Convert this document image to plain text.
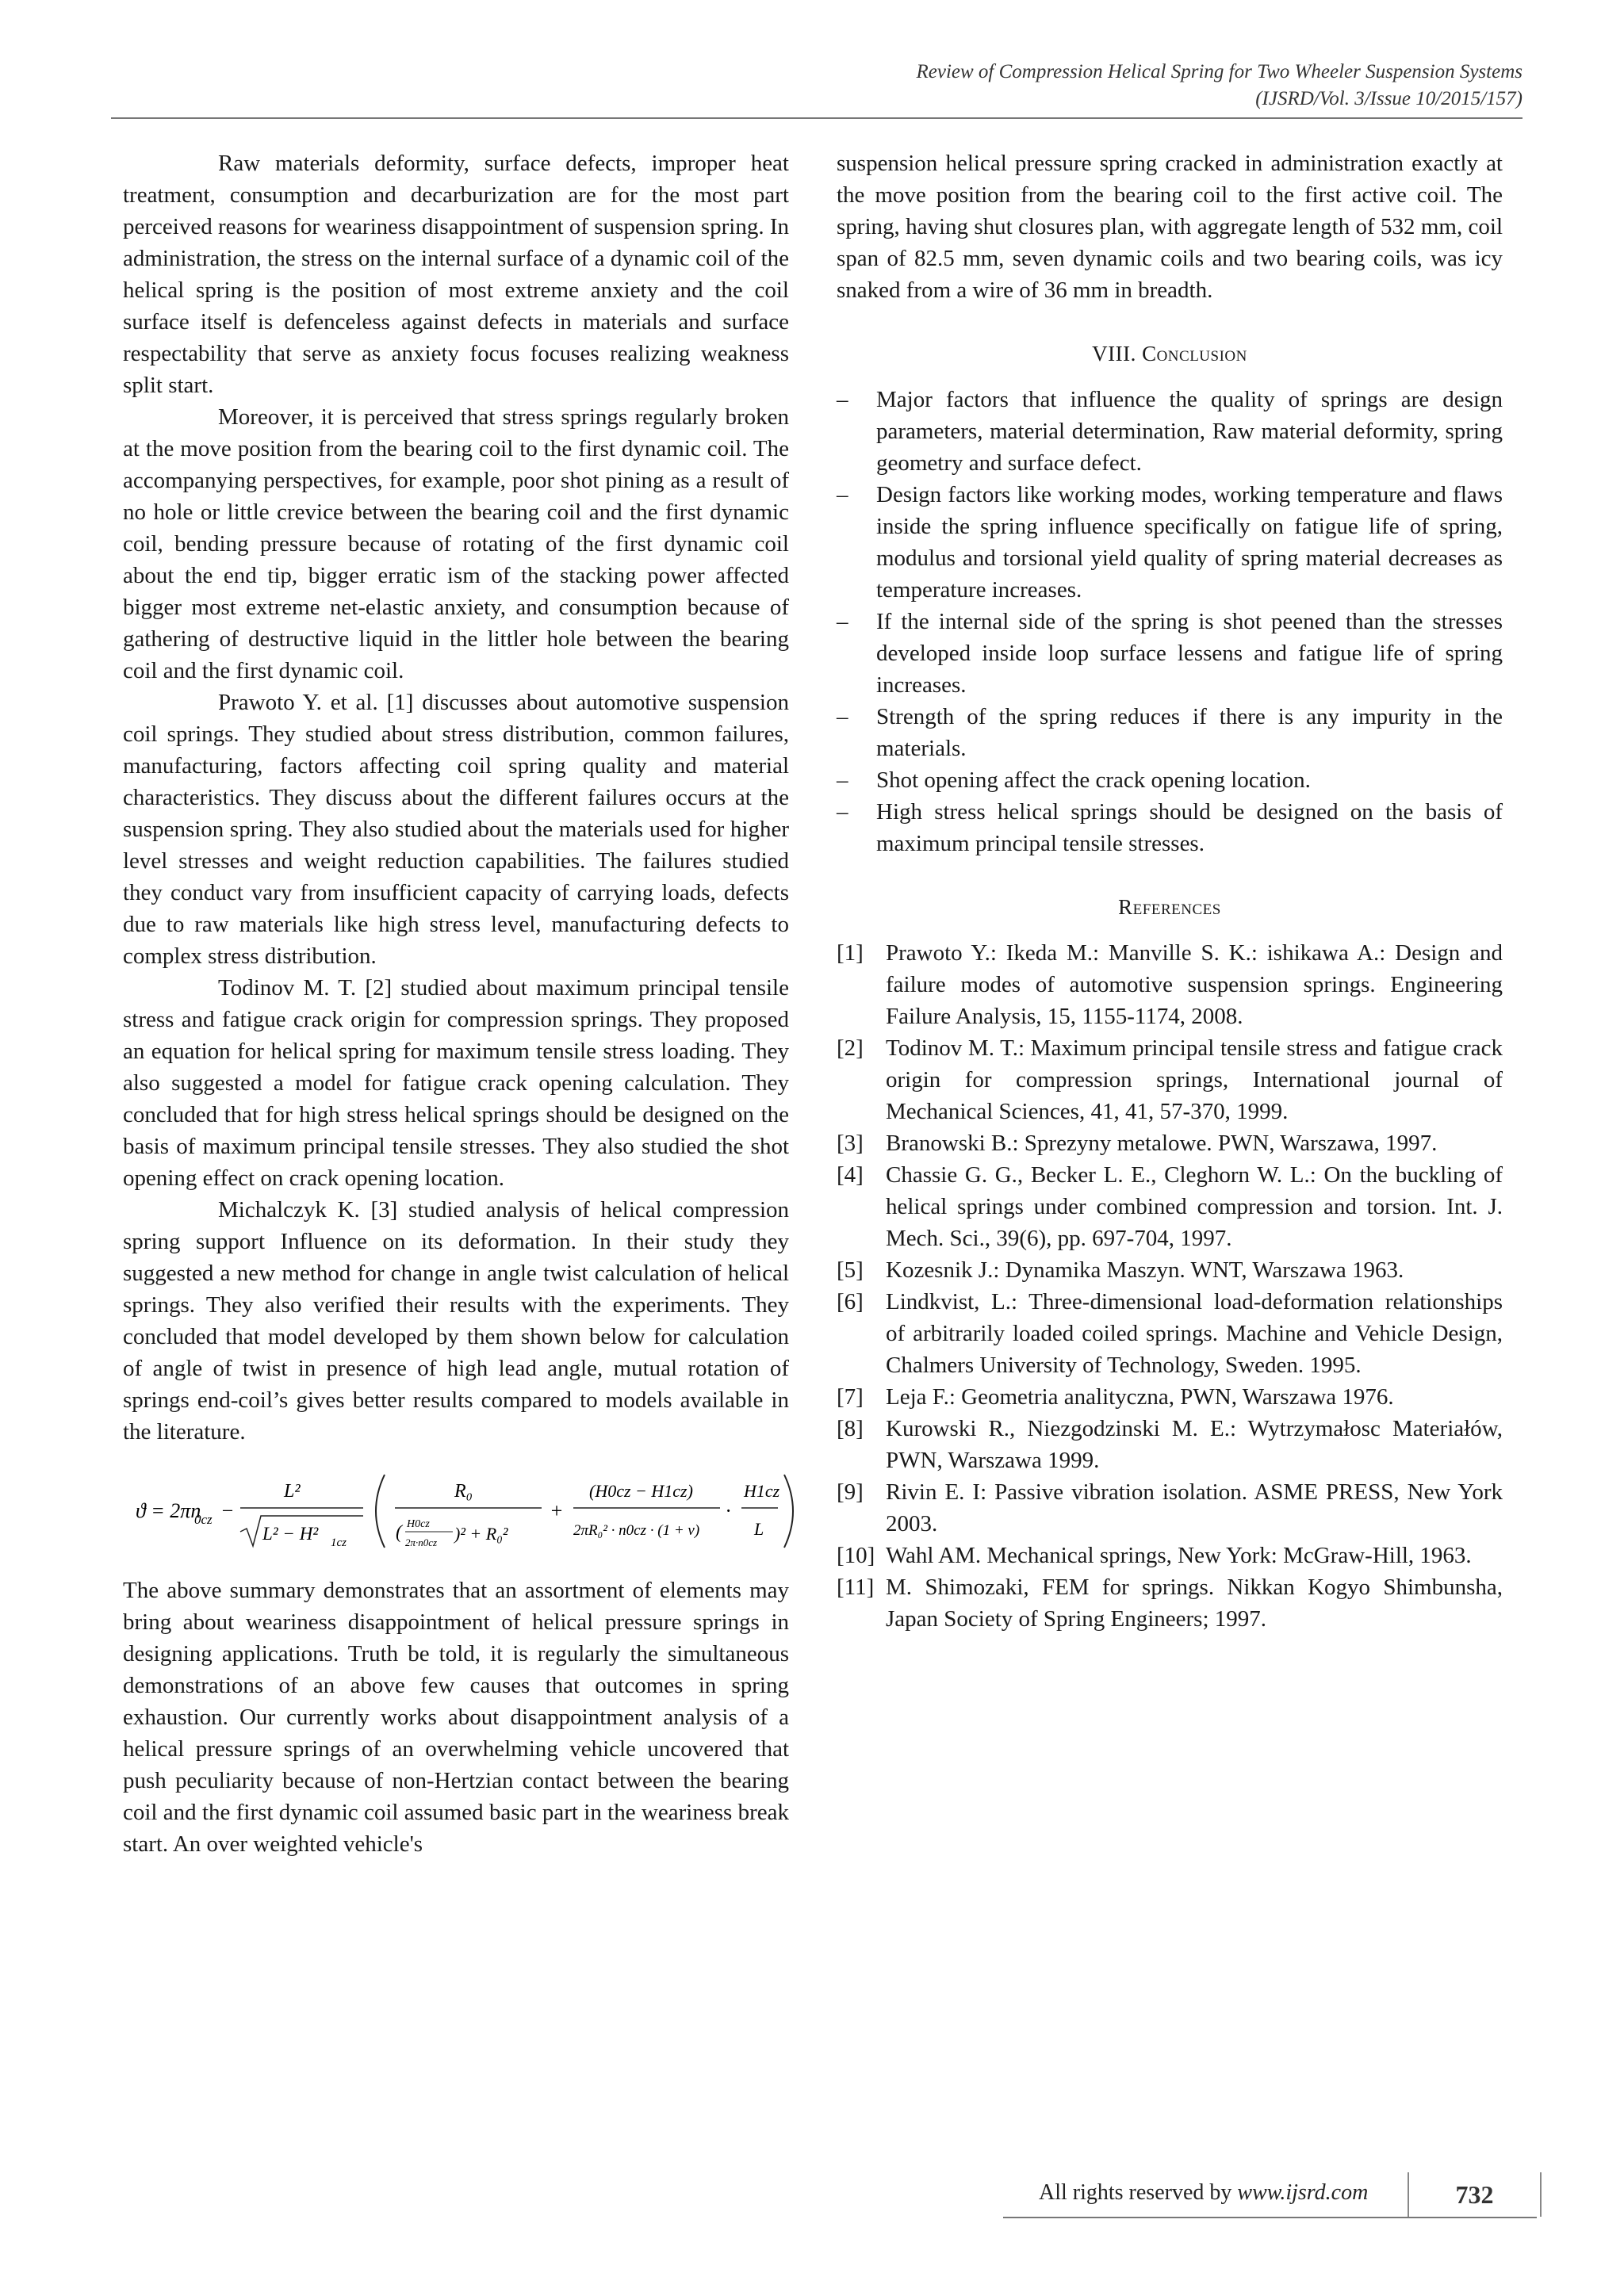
Review of Compression Helical Spring for Two Wheeler Suspension Systems
(IJSRD/Vol. 3/Issue 10/2015/157)

Raw materials deformity, surface defects, improper heat treatment, consumption and decarburization are for the most part perceived reasons for weariness disappointment of suspension spring. In administration, the stress on the internal surface of a dynamic coil of the helical spring is the position of most extreme anxiety and the coil surface itself is defenceless against defects in materials and surface respectability that serve as anxiety focus focuses realizing weakness split start.

Moreover, it is perceived that stress springs regularly broken at the move position from the bearing coil to the first dynamic coil. The accompanying perspectives, for example, poor shot pining as a result of no hole or little crevice between the bearing coil and the first dynamic coil, bending pressure because of rotating of the first dynamic coil about the end tip, bigger erratic ism of the stacking power affected bigger most extreme net-elastic anxiety, and consumption because of gathering of destructive liquid in the littler hole between the bearing coil and the first dynamic coil.

Prawoto Y. et al. [1] discusses about automotive suspension coil springs. They studied about stress distribution, common failures, manufacturing, factors affecting coil spring quality and material characteristics. They discuss about the different failures occurs at the suspension spring. They also studied about the materials used for higher level stresses and weight reduction capabilities. The failures studied they conduct vary from insufficient capacity of carrying loads, defects due to raw materials like high stress level, manufacturing defects to complex stress distribution.

Todinov M. T. [2] studied about maximum principal tensile stress and fatigue crack origin for compression springs. They proposed an equation for helical spring for maximum tensile stress loading. They also suggested a model for fatigue crack opening calculation. They concluded that for high stress helical springs should be designed on the basis of maximum principal tensile stresses. They also studied the shot opening effect on crack opening location.

Michalczyk K. [3] studied analysis of helical compression spring support Influence on its deformation. In their study they suggested a new method for change in angle twist calculation of helical springs. They also verified their results with the experiments. They concluded that model developed by them shown below for calculation of angle of twist in presence of high lead angle, mutual rotation of springs end-coil’s gives better results compared to models available in the literature.

ϑ = 2πn
0cz −
L²
L² − H² 1cz
R₀
( H0cz
2π·n0cz )² + R₀²
+
(H0cz − H1cz)
2πR₀² · n0cz · (1 + ν)
·
H1cz
L

The above summary demonstrates that an assortment of elements may bring about weariness disappointment of helical pressure springs in designing applications. Truth be told, it is regularly the simultaneous demonstrations of an above few causes that outcomes in spring exhaustion. Our currently works about disappointment analysis of a helical pressure springs of an overwhelming vehicle uncovered that push peculiarity because of non-Hertzian contact between the bearing coil and the first dynamic coil assumed basic part in the weariness break start. An over weighted vehicle's

suspension helical pressure spring cracked in administration exactly at the move position from the bearing coil to the first active coil. The spring, having shut closures plan, with aggregate length of 532 mm, coil span of 82.5 mm, seven dynamic coils and two bearing coils, was icy snaked from a wire of 36 mm in breadth.

VIII. Conclusion
– Major factors that influence the quality of springs are design parameters, material determination, Raw material deformity, spring geometry and surface defect.
– Design factors like working modes, working temperature and flaws inside the spring influence specifically on fatigue life of spring, modulus and torsional yield quality of spring material decreases as temperature increases.
– If the internal side of the spring is shot peened than the stresses developed inside loop surface lessens and fatigue life of spring increases.
– Strength of the spring reduces if there is any impurity in the materials.
– Shot opening affect the crack opening location.
– High stress helical springs should be designed on the basis of maximum principal tensile stresses.
References
[1] Prawoto Y.: Ikeda M.: Manville S. K.: ishikawa A.: Design and failure modes of automotive suspension springs. Engineering Failure Analysis, 15, 1155-1174, 2008.
[2] Todinov M. T.: Maximum principal tensile stress and fatigue crack origin for compression springs, International journal of Mechanical Sciences, 41, 41, 57-370, 1999.
[3] Branowski B.: Sprezyny metalowe. PWN, Warszawa, 1997.
[4] Chassie G. G., Becker L. E., Cleghorn W. L.: On the buckling of helical springs under combined compression and torsion. Int. J. Mech. Sci., 39(6), pp. 697-704, 1997.
[5] Kozesnik J.: Dynamika Maszyn. WNT, Warszawa 1963.
[6] Lindkvist, L.: Three-dimensional load-deformation relationships of arbitrarily loaded coiled springs. Machine and Vehicle Design, Chalmers University of Technology, Sweden. 1995.
[7] Leja F.: Geometria analityczna, PWN, Warszawa 1976.
[8] Kurowski R., Niezgodzinski M. E.: Wytrzymałosc Materiałów, PWN, Warszawa 1999.
[9] Rivin E. I: Passive vibration isolation. ASME PRESS, New York 2003.
[10] Wahl AM. Mechanical springs, New York: McGraw-Hill, 1963.
[11] M. Shimozaki, FEM for springs. Nikkan Kogyo Shimbunsha, Japan Society of Spring Engineers; 1997.
All rights reserved by www.ijsrd.com	732
